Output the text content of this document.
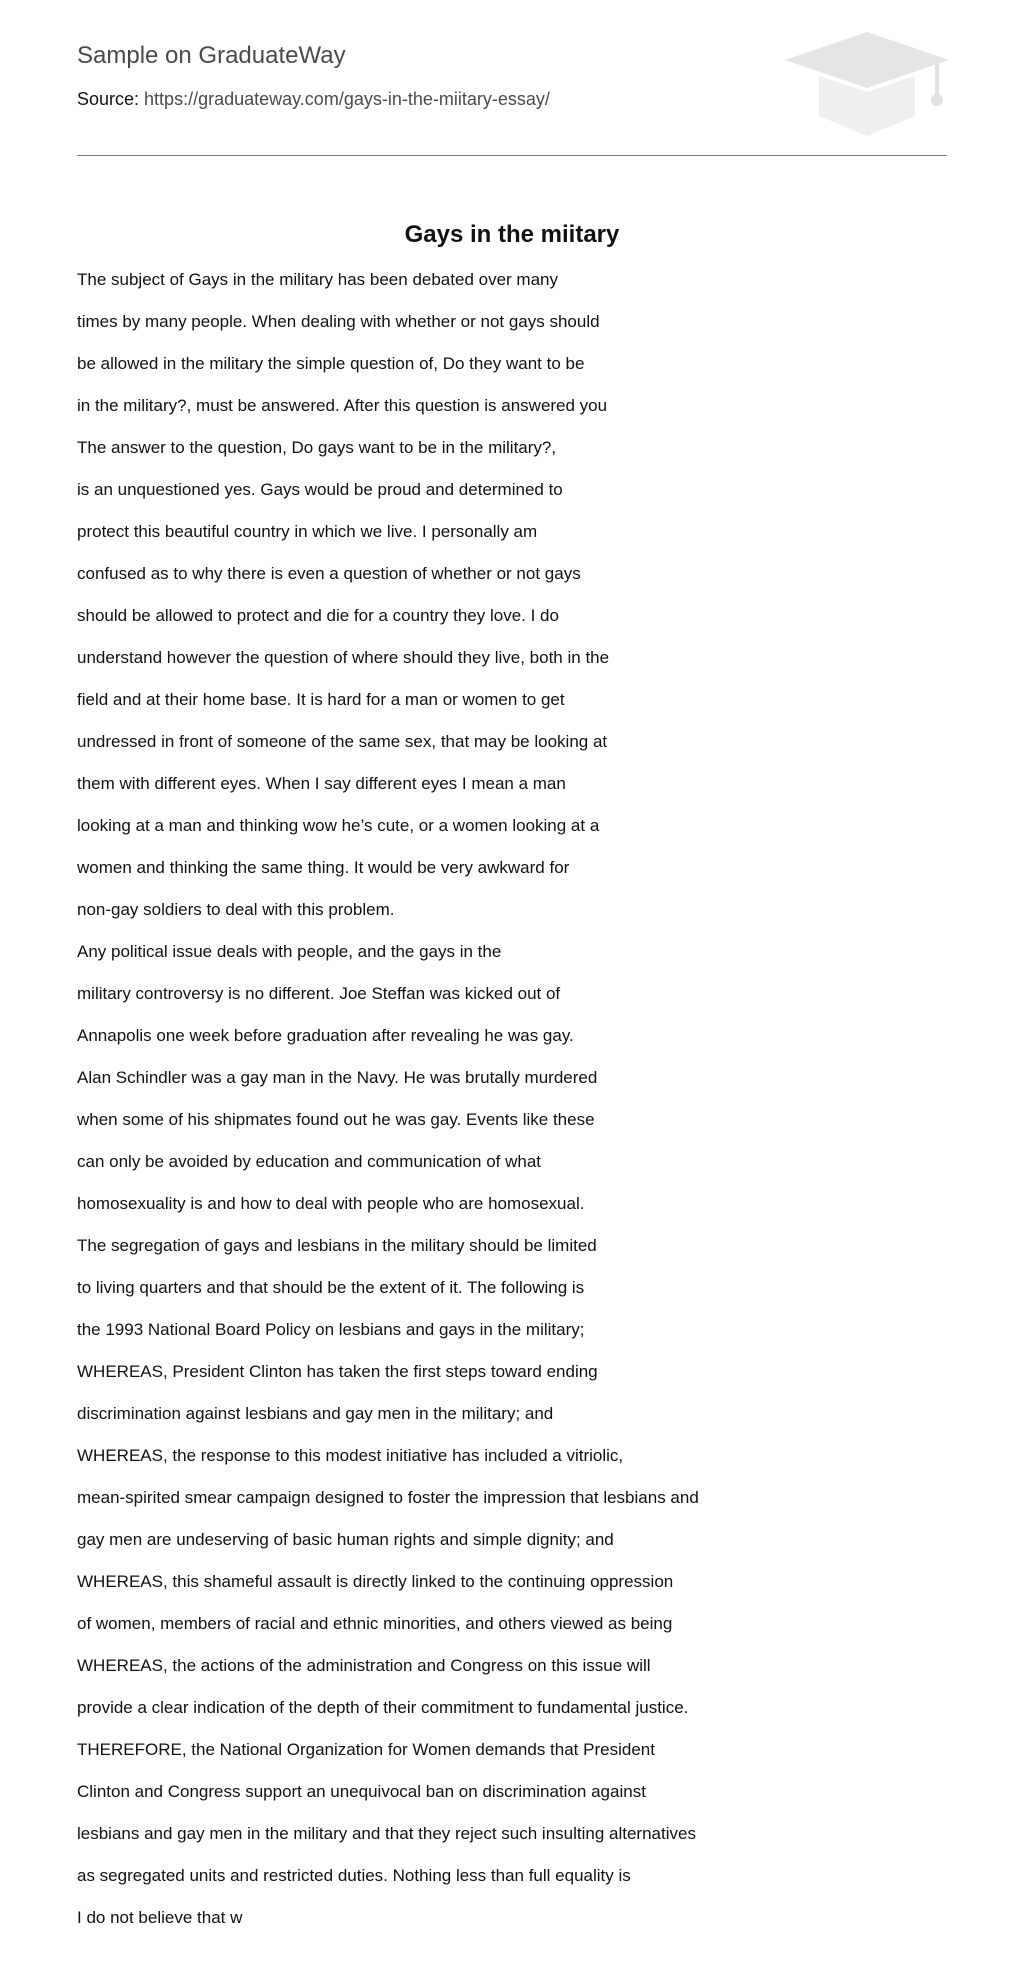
Sample on GraduateWay
Source: https://graduateway.com/gays-in-the-miitary-essay/
Gays in the miitary
The subject of Gays in the military has been debated over many
times by many people. When dealing with whether or not gays should
be allowed in the military the simple question of, Do they want to be
in the military?, must be answered. After this question is answered you
The answer to the question, Do gays want to be in the military?,
is an unquestioned yes. Gays would be proud and determined to
protect this beautiful country in which we live. I personally am
confused as to why there is even a question of whether or not gays
should be allowed to protect and die for a country they love. I do
understand however the question of where should they live, both in the
field and at their home base. It is hard for a man or women to get
undressed in front of someone of the same sex, that may be looking at
them with different eyes. When I say different eyes I mean a man
looking at a man and thinking wow he’s cute, or a women looking at a
women and thinking the same thing. It would be very awkward for
non-gay soldiers to deal with this problem.
Any political issue deals with people, and the gays in the
military controversy is no different. Joe Steffan was kicked out of
Annapolis one week before graduation after revealing he was gay.
Alan Schindler was a gay man in the Navy. He was brutally murdered
when some of his shipmates found out he was gay. Events like these
can only be avoided by education and communication of what
homosexuality is and how to deal with people who are homosexual.
The segregation of gays and lesbians in the military should be limited
to living quarters and that should be the extent of it. The following is
the 1993 National Board Policy on lesbians and gays in the military;
WHEREAS, President Clinton has taken the first steps toward ending
discrimination against lesbians and gay men in the military; and
WHEREAS, the response to this modest initiative has included a vitriolic,
mean-spirited smear campaign designed to foster the impression that lesbians and
gay men are undeserving of basic human rights and simple dignity; and
WHEREAS, this shameful assault is directly linked to the continuing oppression
of women, members of racial and ethnic minorities, and others viewed as being
WHEREAS, the actions of the administration and Congress on this issue will
provide a clear indication of the depth of their commitment to fundamental justice.
THEREFORE, the National Organization for Women demands that President
Clinton and Congress support an unequivocal ban on discrimination against
lesbians and gay men in the military and that they reject such insulting alternatives
as segregated units and restricted duties. Nothing less than full equality is
I do not believe that w
